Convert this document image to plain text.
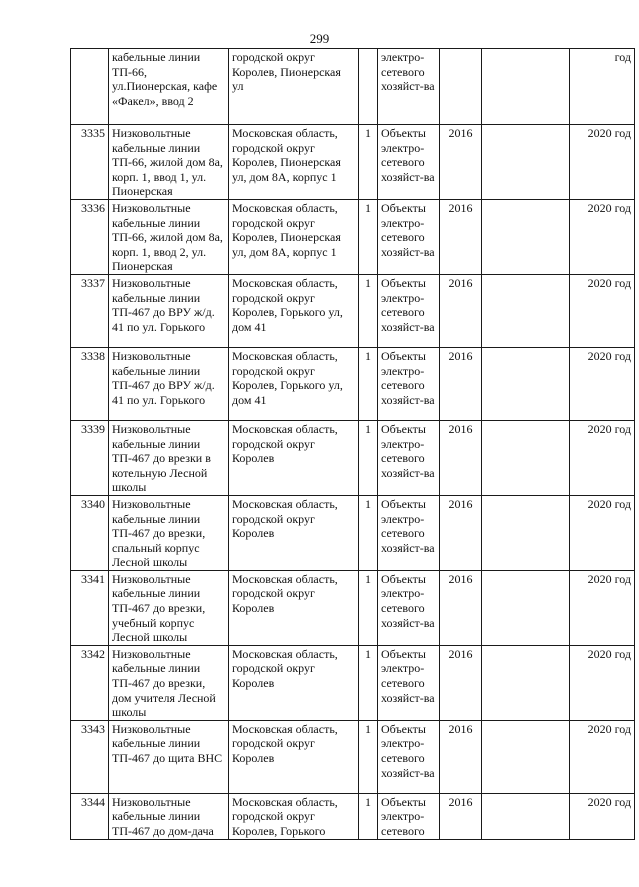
299
	кабельные линии ТП-66, ул.Пионерская, кафе «Факел», ввод 2	городской округ Королев, Пионерская ул		электро-сетевого хозяйст-ва			год
3335	Низковольтные кабельные линии ТП-66, жилой дом 8а, корп. 1, ввод 1, ул. Пионерская	Московская область, городской округ Королев, Пионерская ул, дом 8А, корпус 1	1	Объекты электро-сетевого хозяйст-ва	2016		2020 год
3336	Низковольтные кабельные линии ТП-66, жилой дом 8а, корп. 1, ввод 2, ул. Пионерская	Московская область, городской округ Королев, Пионерская ул, дом 8А, корпус 1	1	Объекты электро-сетевого хозяйст-ва	2016		2020 год
3337	Низковольтные кабельные линии ТП-467 до ВРУ ж/д. 41 по ул. Горького	Московская область, городской округ Королев, Горького ул, дом 41	1	Объекты электро-сетевого хозяйст-ва	2016		2020 год
3338	Низковольтные кабельные линии ТП-467 до ВРУ ж/д. 41 по ул. Горького	Московская область, городской округ Королев, Горького ул, дом 41	1	Объекты электро-сетевого хозяйст-ва	2016		2020 год
3339	Низковольтные кабельные линии ТП-467 до врезки в котельную Лесной школы	Московская область, городской округ Королев	1	Объекты электро-сетевого хозяйст-ва	2016		2020 год
3340	Низковольтные кабельные линии ТП-467 до врезки, спальный корпус Лесной школы	Московская область, городской округ Королев	1	Объекты электро-сетевого хозяйст-ва	2016		2020 год
3341	Низковольтные кабельные линии ТП-467 до врезки, учебный корпус Лесной школы	Московская область, городской округ Королев	1	Объекты электро-сетевого хозяйст-ва	2016		2020 год
3342	Низковольтные кабельные линии ТП-467 до врезки, дом учителя Лесной школы	Московская область, городской округ Королев	1	Объекты электро-сетевого хозяйст-ва	2016		2020 год
3343	Низковольтные кабельные линии ТП-467 до щита ВНС	Московская область, городской округ Королев	1	Объекты электро-сетевого хозяйст-ва	2016		2020 год
3344	Низковольтные кабельные линии ТП-467 до дом-дача	Московская область, городской округ Королев, Горького	1	Объекты электро-сетевого	2016		2020 год
